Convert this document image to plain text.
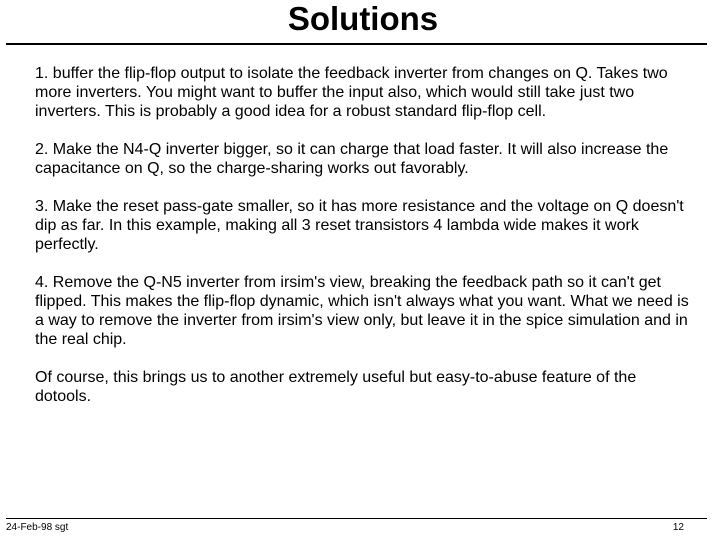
Solutions

1. buffer the flip-flop output to isolate the feedback inverter from changes on Q. Takes two more inverters. You might want to buffer the input also, which would still take just two inverters. This is probably a good idea for a robust standard flip-flop cell.

2. Make the N4-Q inverter bigger, so it can charge that load faster. It will also increase the capacitance on Q, so the charge-sharing works out favorably.

3. Make the reset pass-gate smaller, so it has more resistance and the voltage on Q doesn't dip as far. In this example, making all 3 reset transistors 4 lambda wide makes it work perfectly.

4. Remove the Q-N5 inverter from irsim's view, breaking the feedback path so it can't get flipped. This makes the flip-flop dynamic, which isn't always what you want. What we need is a way to remove the inverter from irsim's view only, but leave it in the spice simulation and in the real chip.

Of course, this brings us to another extremely useful but easy-to-abuse feature of the dotools.

24-Feb-98 sgt	12
